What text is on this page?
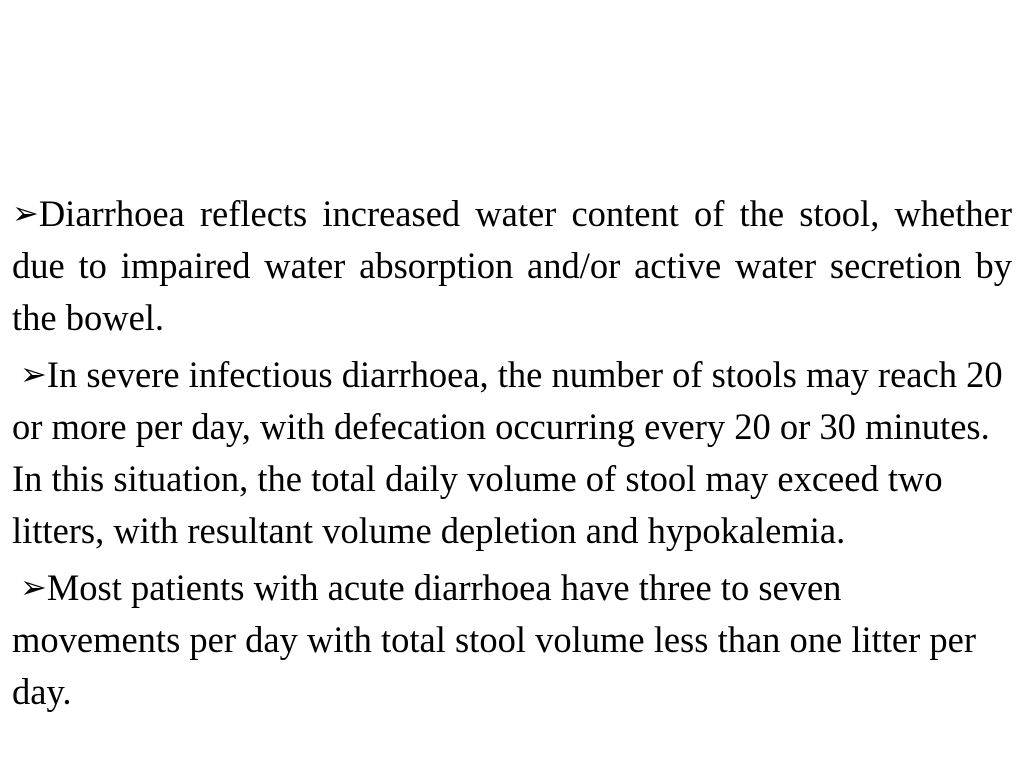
➢Diarrhoea reflects increased water content of the stool, whether due to impaired water absorption and/or active water secretion by the bowel.

➢In severe infectious diarrhoea, the number of stools may reach 20 or more per day, with defecation occurring every 20 or 30 minutes. In this situation, the total daily volume of stool may exceed two litters, with resultant volume depletion and hypokalemia.

➢Most patients with acute diarrhoea have three to seven movements per day with total stool volume less than one litter per day.
